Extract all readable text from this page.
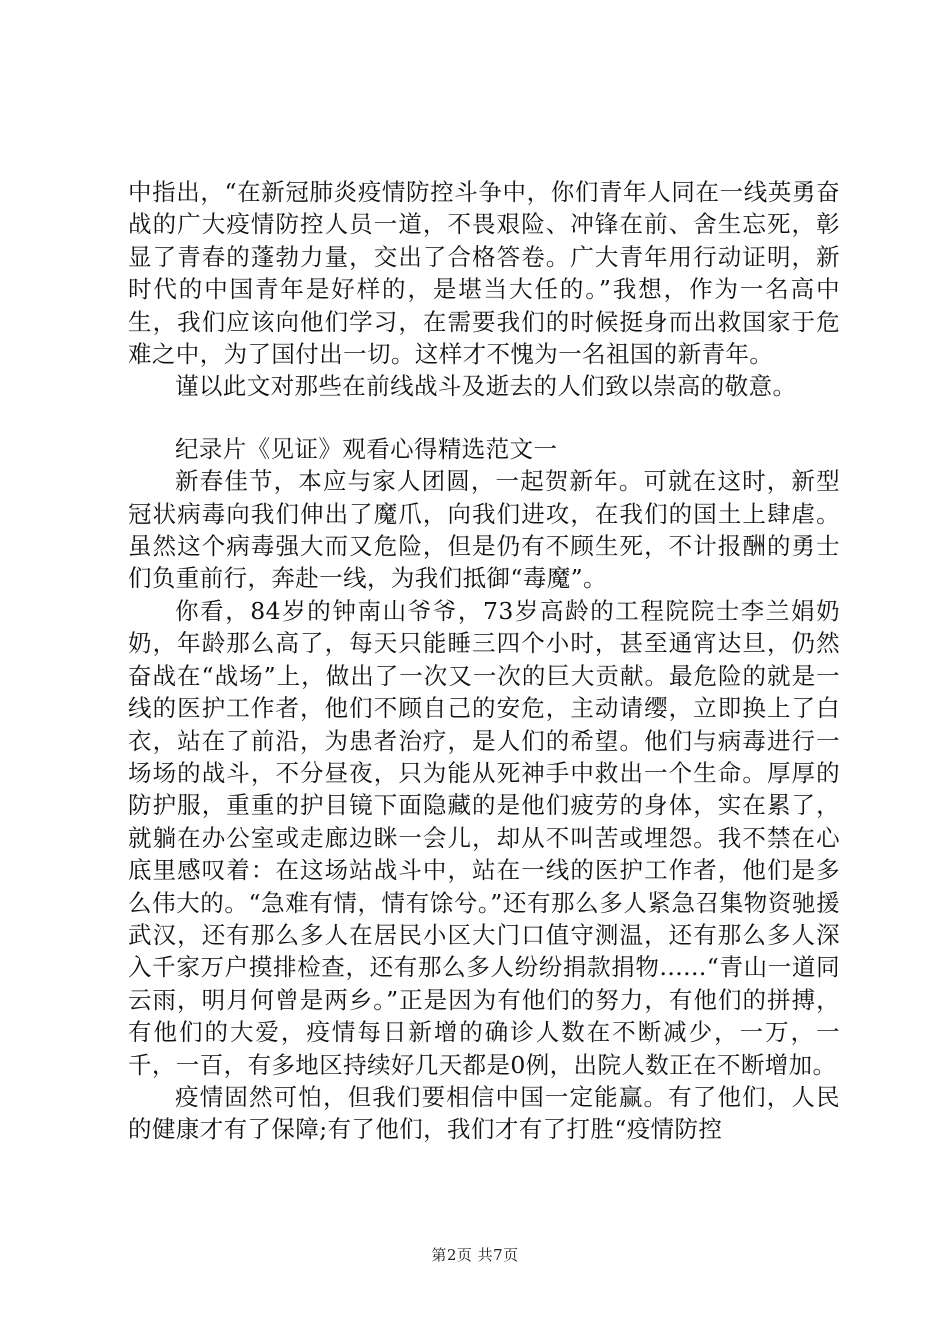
中指出，“在新冠肺炎疫情防控斗争中，你们青年人同在一线英勇奋战的广大疫情防控人员一道，不畏艰险、冲锋在前、舍生忘死，彰显了青春的蓬勃力量，交出了合格答卷。广大青年用行动证明，新时代的中国青年是好样的，是堪当大任的。”我想，作为一名高中生，我们应该向他们学习，在需要我们的时候挺身而出救国家于危难之中，为了国付出一切。这样才不愧为一名祖国的新青年。

谨以此文对那些在前线战斗及逝去的人们致以崇高的敬意。

纪录片《见证》观看心得精选范文一

新春佳节，本应与家人团圆，一起贺新年。可就在这时，新型冠状病毒向我们伸出了魔爪，向我们进攻，在我们的国土上肆虐。虽然这个病毒强大而又危险，但是仍有不顾生死，不计报酬的勇士们负重前行，奔赴一线，为我们抵御“毒魔”。

你看，84岁的钟南山爷爷，73岁高龄的工程院院士李兰娟奶奶，年龄那么高了，每天只能睡三四个小时，甚至通宵达旦，仍然奋战在“战场”上，做出了一次又一次的巨大贡献。最危险的就是一线的医护工作者，他们不顾自己的安危，主动请缨，立即换上了白衣，站在了前沿，为患者治疗，是人们的希望。他们与病毒进行一场场的战斗，不分昼夜，只为能从死神手中救出一个生命。厚厚的防护服，重重的护目镜下面隐藏的是他们疲劳的身体，实在累了，就躺在办公室或走廊边眯一会儿，却从不叫苦或埋怨。我不禁在心底里感叹着：在这场站战斗中，站在一线的医护工作者，他们是多么伟大的。“急难有情，情有馀兮。”还有那么多人紧急召集物资驰援武汉，还有那么多人在居民小区大门口值守测温，还有那么多人深入千家万户摸排检查，还有那么多人纷纷捐款捐物......“青山一道同云雨，明月何曾是两乡。”正是因为有他们的努力，有他们的拼搏，有他们的大爱，疫情每日新增的确诊人数在不断减少，一万，一千，一百，有多地区持续好几天都是0例，出院人数正在不断增加。

疫情固然可怕，但我们要相信中国一定能赢。有了他们，人民的健康才有了保障;有了他们，我们才有了打胜“疫情防控

第2页 共7页
